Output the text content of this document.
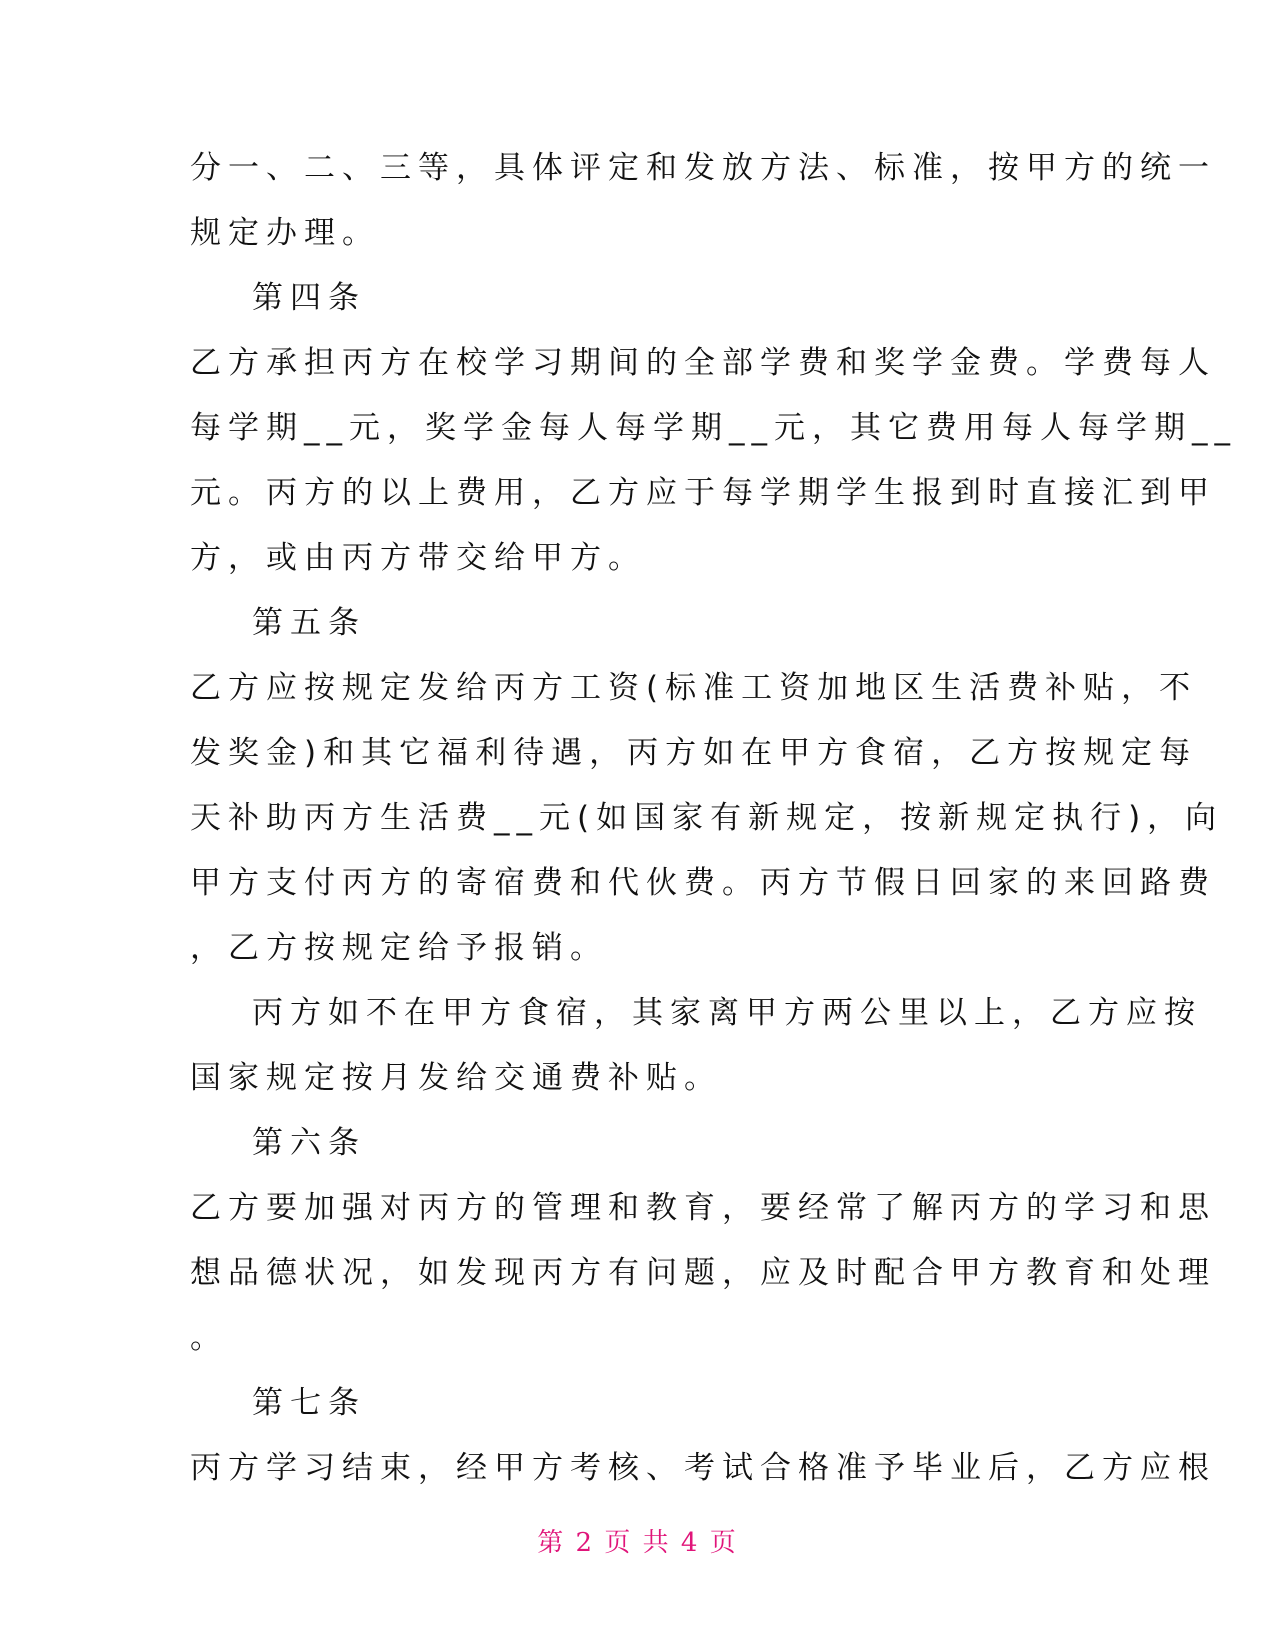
分一、二、三等，具体评定和发放方法、标准，按甲方的统一
规定办理。
第四条
乙方承担丙方在校学习期间的全部学费和奖学金费。学费每人
每学期__元，奖学金每人每学期__元，其它费用每人每学期__
元。丙方的以上费用，乙方应于每学期学生报到时直接汇到甲
方，或由丙方带交给甲方。
第五条
乙方应按规定发给丙方工资(标准工资加地区生活费补贴，不
发奖金)和其它福利待遇，丙方如在甲方食宿，乙方按规定每
天补助丙方生活费__元(如国家有新规定，按新规定执行)，向
甲方支付丙方的寄宿费和代伙费。丙方节假日回家的来回路费
，乙方按规定给予报销。
丙方如不在甲方食宿，其家离甲方两公里以上，乙方应按
国家规定按月发给交通费补贴。
第六条
乙方要加强对丙方的管理和教育，要经常了解丙方的学习和思
想品德状况，如发现丙方有问题，应及时配合甲方教育和处理
。
第七条
丙方学习结束，经甲方考核、考试合格准予毕业后，乙方应根
第 2 页 共 4 页
